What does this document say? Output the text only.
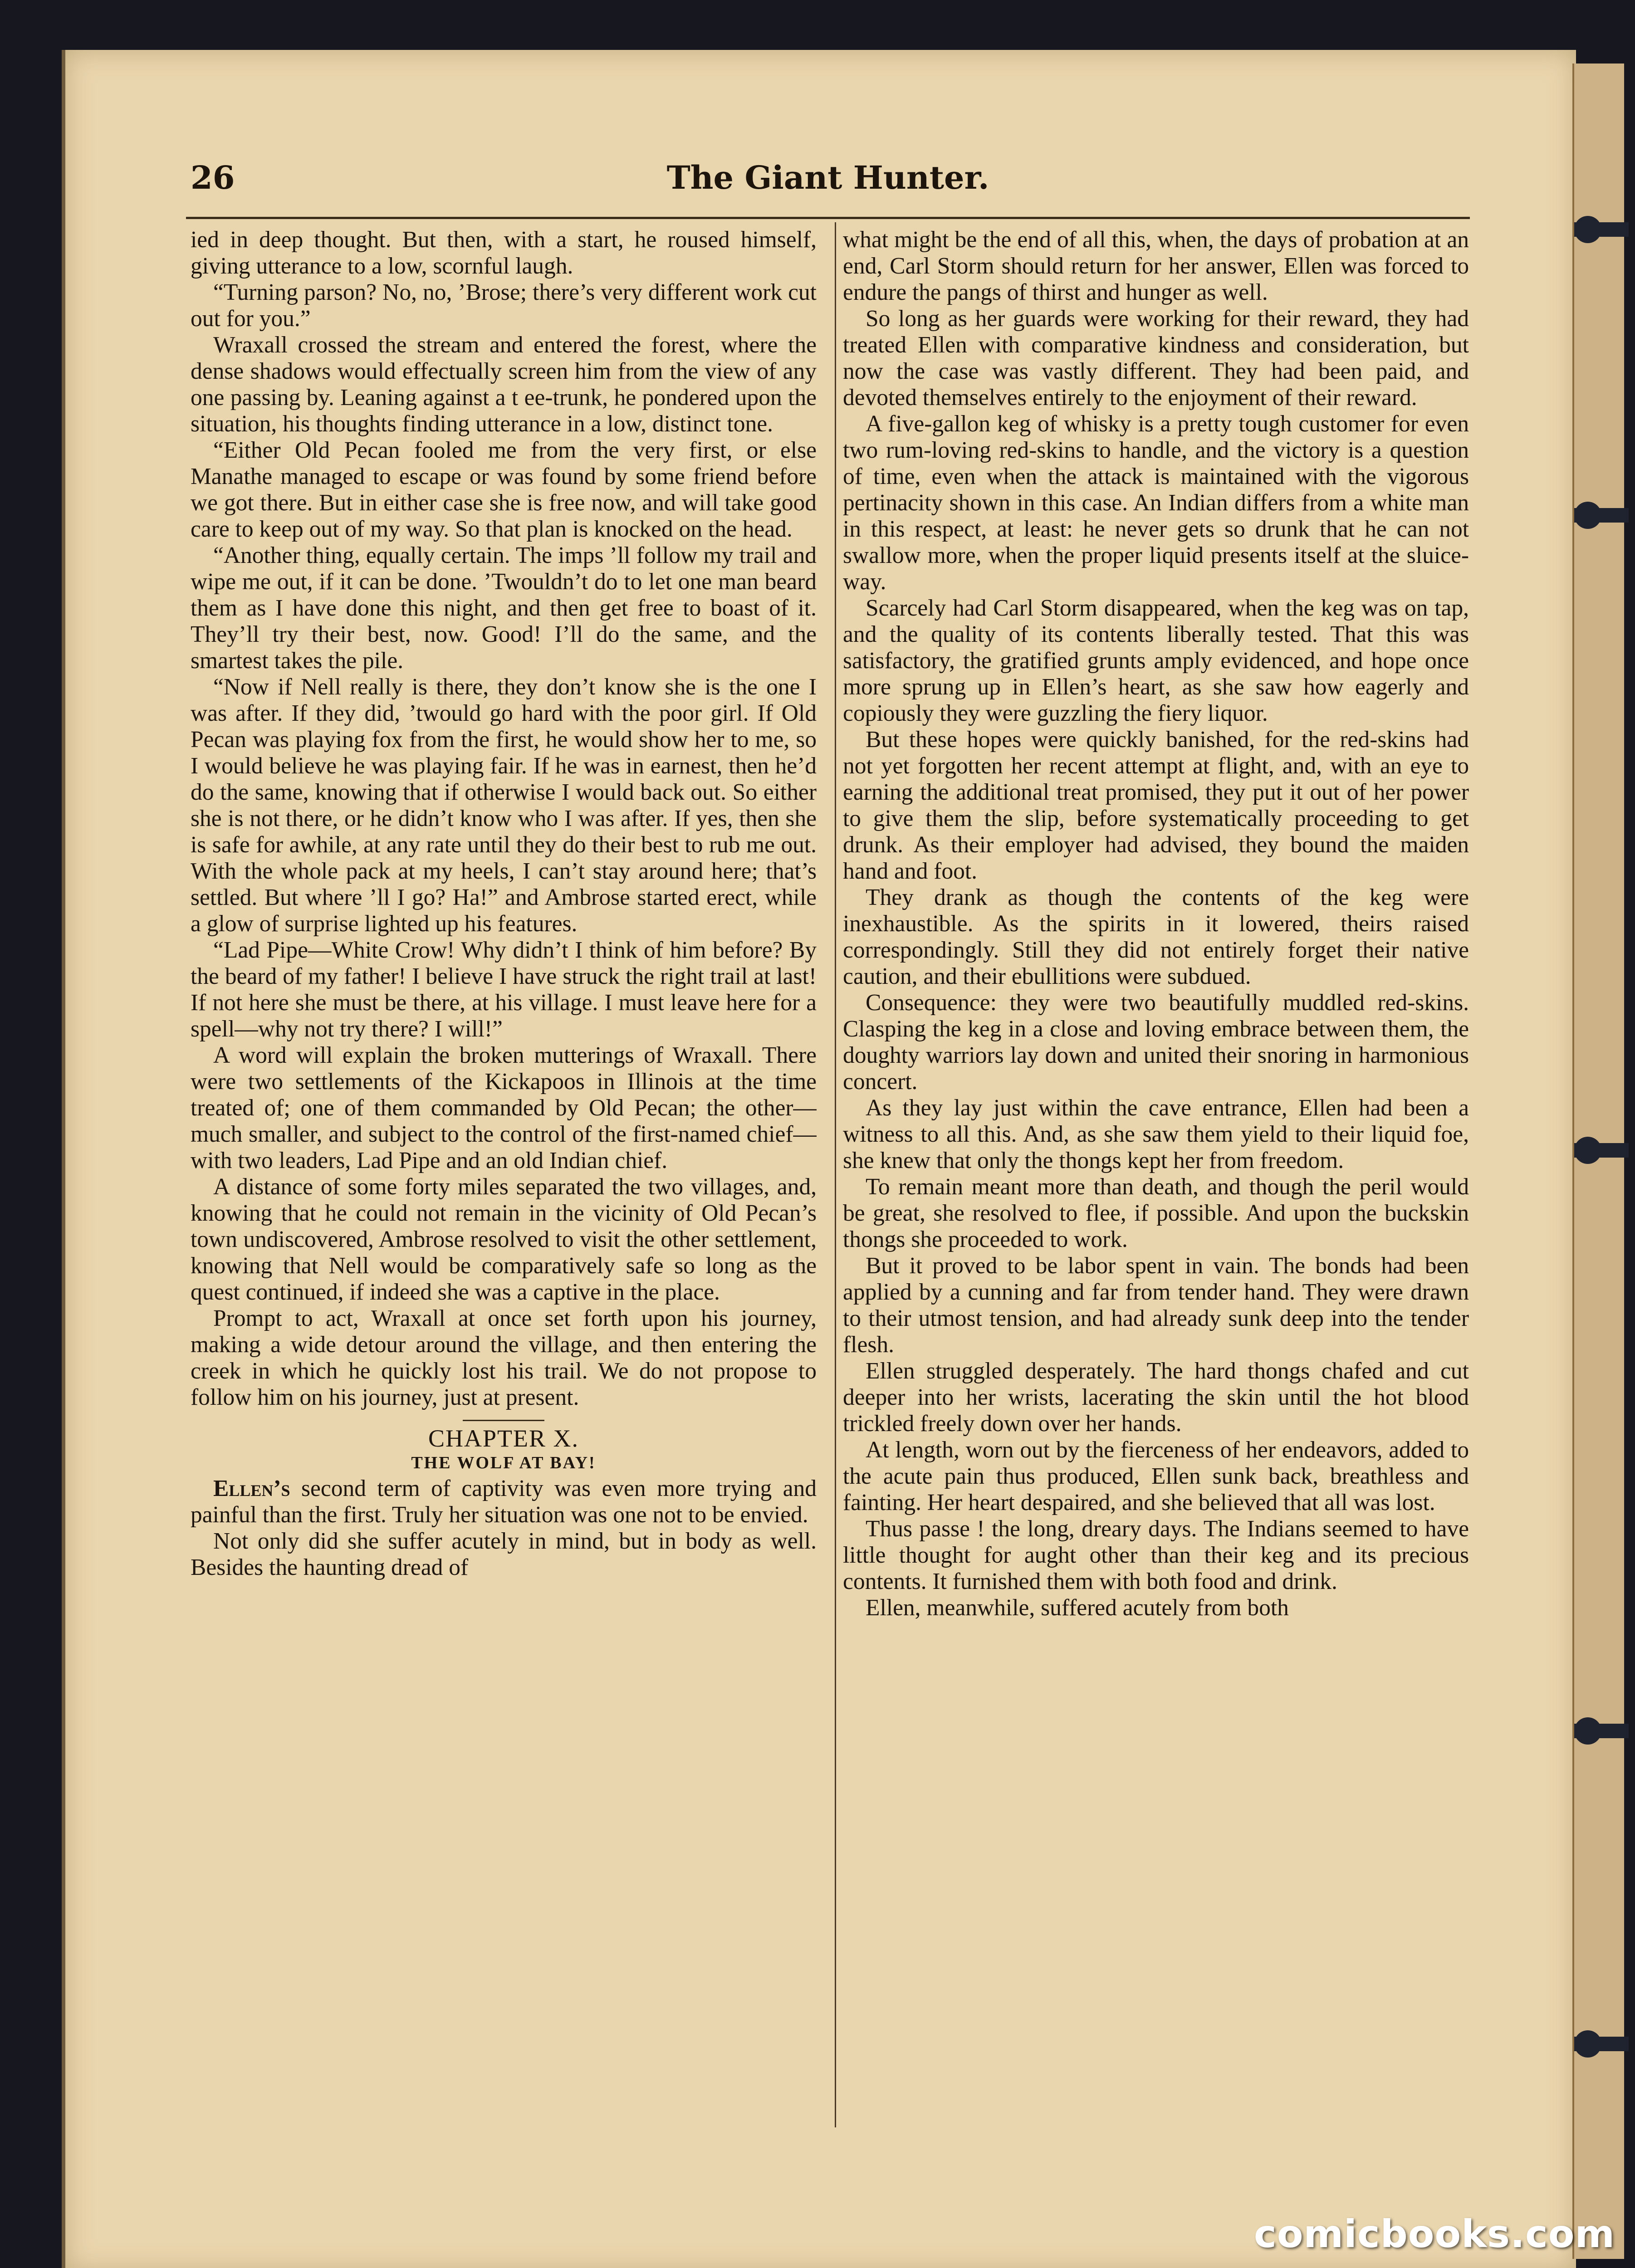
26	The Giant Hunter.

ied in deep thought. But then, with a start, he roused himself, giving utterance to a low, scornful laugh.

“Turning parson? No, no, ’Brose; there’s very different work cut out for you.”

Wraxall crossed the stream and entered the forest, where the dense shadows would effectually screen him from the view of any one passing by. Leaning against a t ee-trunk, he pondered upon the situation, his thoughts finding utterance in a low, distinct tone.

“Either Old Pecan fooled me from the very first, or else Manathe managed to escape or was found by some friend before we got there. But in either case she is free now, and will take good care to keep out of my way. So that plan is knocked on the head.

“Another thing, equally certain. The imps ’ll follow my trail and wipe me out, if it can be done. ’Twouldn’t do to let one man beard them as I have done this night, and then get free to boast of it. They’ll try their best, now. Good! I’ll do the same, and the smartest takes the pile.

“Now if Nell really is there, they don’t know she is the one I was after. If they did, ’twould go hard with the poor girl. If Old Pecan was playing fox from the first, he would show her to me, so I would believe he was playing fair. If he was in earnest, then he’d do the same, knowing that if otherwise I would back out. So either she is not there, or he didn’t know who I was after. If yes, then she is safe for awhile, at any rate until they do their best to rub me out. With the whole pack at my heels, I can’t stay around here; that’s settled. But where ’ll I go? Ha!” and Ambrose started erect, while a glow of surprise lighted up his features.

“Lad Pipe—White Crow! Why didn’t I think of him before? By the beard of my father! I believe I have struck the right trail at last! If not here she must be there, at his village. I must leave here for a spell—why not try there? I will!”

A word will explain the broken mutterings of Wraxall. There were two settlements of the Kickapoos in Illinois at the time treated of; one of them commanded by Old Pecan; the other—much smaller, and subject to the control of the first-named chief—with two leaders, Lad Pipe and an old Indian chief.

A distance of some forty miles separated the two villages, and, knowing that he could not remain in the vicinity of Old Pecan’s town undiscovered, Ambrose resolved to visit the other settlement, knowing that Nell would be comparatively safe so long as the quest continued, if indeed she was a captive in the place.

Prompt to act, Wraxall at once set forth upon his journey, making a wide detour around the village, and then entering the creek in which he quickly lost his trail. We do not propose to follow him on his journey, just at present.

CHAPTER X.
THE WOLF AT BAY!

Ellen’s second term of captivity was even more trying and painful than the first. Truly her situation was one not to be envied.

Not only did she suffer acutely in mind, but in body as well. Besides the haunting dread of

what might be the end of all this, when, the days of probation at an end, Carl Storm should return for her answer, Ellen was forced to endure the pangs of thirst and hunger as well.

So long as her guards were working for their reward, they had treated Ellen with comparative kindness and consideration, but now the case was vastly different. They had been paid, and devoted themselves entirely to the enjoyment of their reward.

A five-gallon keg of whisky is a pretty tough customer for even two rum-loving red-skins to handle, and the victory is a question of time, even when the attack is maintained with the vigorous pertinacity shown in this case. An Indian differs from a white man in this respect, at least: he never gets so drunk that he can not swallow more, when the proper liquid presents itself at the sluice-way.

Scarcely had Carl Storm disappeared, when the keg was on tap, and the quality of its contents liberally tested. That this was satisfactory, the gratified grunts amply evidenced, and hope once more sprung up in Ellen’s heart, as she saw how eagerly and copiously they were guzzling the fiery liquor.

But these hopes were quickly banished, for the red-skins had not yet forgotten her recent attempt at flight, and, with an eye to earning the additional treat promised, they put it out of her power to give them the slip, before systematically proceeding to get drunk. As their employer had advised, they bound the maiden hand and foot.

They drank as though the contents of the keg were inexhaustible. As the spirits in it lowered, theirs raised correspondingly. Still they did not entirely forget their native caution, and their ebullitions were subdued.

Consequence: they were two beautifully muddled red-skins. Clasping the keg in a close and loving embrace between them, the doughty warriors lay down and united their snoring in harmonious concert.

As they lay just within the cave entrance, Ellen had been a witness to all this. And, as she saw them yield to their liquid foe, she knew that only the thongs kept her from freedom.

To remain meant more than death, and though the peril would be great, she resolved to flee, if possible. And upon the buckskin thongs she proceeded to work.

But it proved to be labor spent in vain. The bonds had been applied by a cunning and far from tender hand. They were drawn to their utmost tension, and had already sunk deep into the tender flesh.

Ellen struggled desperately. The hard thongs chafed and cut deeper into her wrists, lacerating the skin until the hot blood trickled freely down over her hands.

At length, worn out by the fierceness of her endeavors, added to the acute pain thus produced, Ellen sunk back, breathless and fainting. Her heart despaired, and she believed that all was lost.

Thus passe ! the long, dreary days. The Indians seemed to have little thought for aught other than their keg and its precious contents. It furnished them with both food and drink.

Ellen, meanwhile, suffered acutely from both

comicbooks.com
